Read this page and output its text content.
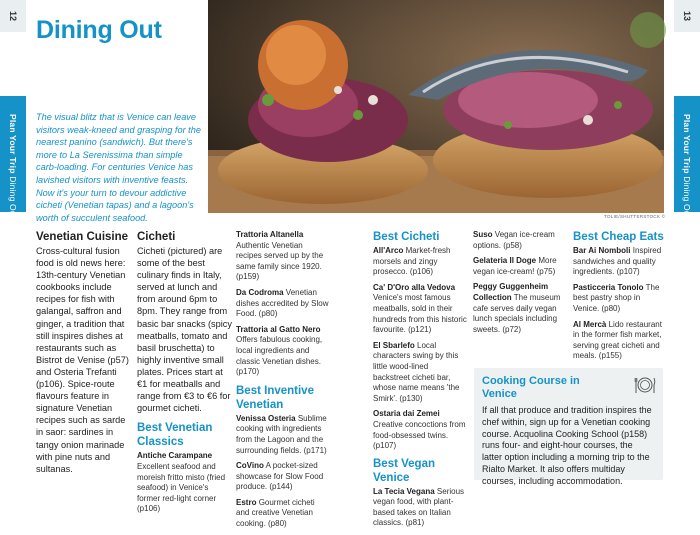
12	13
Plan Your Trip Dining Out
Plan Your Trip Dining Out
Dining Out
The visual blitz that is Venice can leave visitors weak-kneed and grasping for the nearest panino (sandwich). But there's more to La Serenissima than simple carb-loading. For centuries Venice has lavished visitors with inventive feasts. Now it's your turn to devour addictive cicheti (Venetian tapas) and a lagoon's worth of succulent seafood.	TOLIE/SHUTTERSTOCK ©
Venetian Cuisine
Cross-cultural fusion food is old news here: 13th-century Venetian cookbooks include recipes for fish with galangal, saffron and ginger, a tradition that still inspires dishes at restaurants such as Bistrot de Venise (p57) and Osteria Trefanti (p106). Spice-route flavours feature in signature Venetian recipes such as sarde in saor: sardines in tangy onion marinade with pine nuts and sultanas.
Cicheti
Cicheti (pictured) are some of the best culinary finds in Italy, served at lunch and from around 6pm to 8pm. They range from basic bar snacks (spicy meatballs, tomato and basil bruschetta) to highly inventive small plates. Prices start at €1 for meatballs and range from €3 to €6 for gourmet cicheti.
Best Venetian Classics
Antiche Carampane Excellent seafood and moreish fritto misto (fried seafood) in Venice's former red-light corner (p106)
Trattoria Altanella Authentic Venetian recipes served up by the same family since 1920. (p159)
Da Codroma Venetian dishes accredited by Slow Food. (p80)
Trattoria al Gatto Nero Offers fabulous cooking, local ingredients and classic Venetian dishes. (p170)
Best Inventive Venetian
Venissa Osteria Sublime cooking with ingredients from the Lagoon and the surrounding fields. (p171)
CoVino A pocket-sized showcase for Slow Food produce. (p144)
Estro Gourmet cicheti and creative Venetian cooking. (p80)
Best Cicheti
All'Arco Market-fresh morsels and zingy prosecco. (p106)
Ca' D'Oro alla Vedova Venice's most famous meatballs, sold in their hundreds from this historic favourite. (p121)
El Sbarlefo Local characters swing by this little wood-lined backstreet cicheti bar, whose name means 'the Smirk'. (p130)
Ostaria dai Zemei Creative concoctions from food-obsessed twins. (p107)
Best Vegan Venice
La Tecia Vegana Serious vegan food, with plant-based takes on Italian classics. (p81)
Suso Vegan ice-cream options. (p58)
Gelateria Il Doge More vegan ice-cream! (p75)
Peggy Guggenheim Collection The museum cafe serves daily vegan lunch specials including sweets. (p72)
Best Cheap Eats
Bar Ai Nomboli Inspired sandwiches and quality ingredients. (p107)
Pasticceria Tonolo The best pastry shop in Venice. (p80)
Al Mercà Lido restaurant in the former fish market, serving great cicheti and meals. (p155)
Cooking Course in Venice
If all that produce and tradition inspires the chef within, sign up for a Venetian cooking course. Acquolina Cooking School (p158) runs four- and eight-hour courses, the latter option including a morning trip to the Rialto Market. It also offers multiday courses, including accommodation.
